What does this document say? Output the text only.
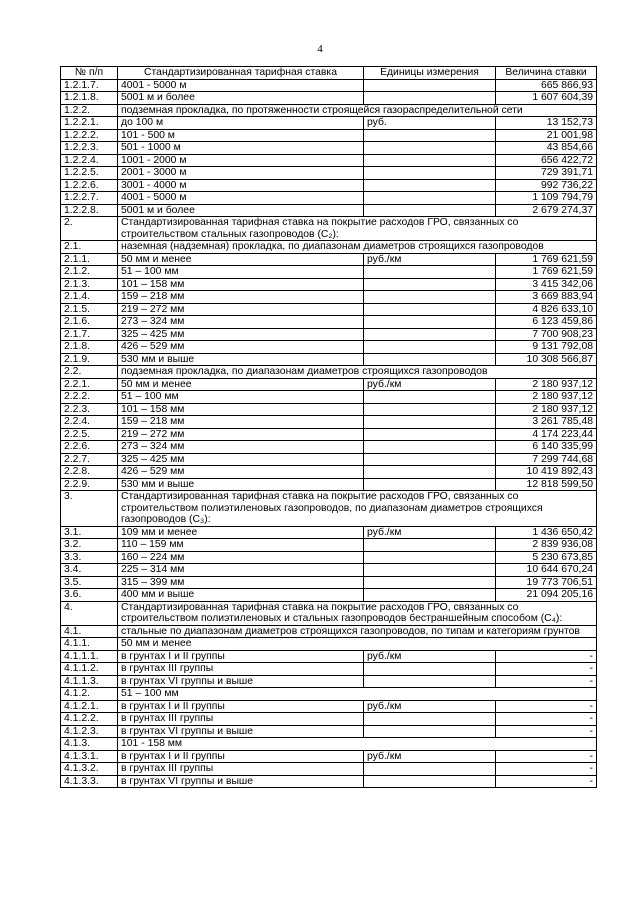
4
№ п/п	Стандартизированная тарифная ставка	Единицы измерения	Величина ставки
1.2.1.7.	4001 - 5000 м		665 866,93
1.2.1.8.	5001 м и более		1 607 604,39
1.2.2.	подземная прокладка, по протяженности строящейся газораспределительной сети		
1.2.2.1.	до 100 м	руб.	13 152,73
1.2.2.2.	101 - 500 м		21 001,98
1.2.2.3.	501 - 1000 м		43 854,66
1.2.2.4.	1001 - 2000 м		656 422,72
1.2.2.5.	2001 - 3000 м		729 391,71
1.2.2.6.	3001 - 4000 м		992 736,22
1.2.2.7.	4001 - 5000 м		1 109 794,79
1.2.2.8.	5001 м и более		2 679 274,37
2.	Стандартизированная тарифная ставка на покрытие расходов ГРО, связанных со строительством стальных газопроводов (С₂):		
2.1.	наземная (надземная) прокладка, по диапазонам диаметров строящихся газопроводов		
2.1.1.	50 мм и менее	руб./км	1 769 621,59
2.1.2.	51 – 100 мм		1 769 621,59
2.1.3.	101 – 158 мм		3 415 342,06
2.1.4.	159 – 218 мм		3 669 883,94
2.1.5.	219 – 272 мм		4 826 633,10
2.1.6.	273 – 324 мм		6 123 459,86
2.1.7.	325 – 425 мм		7 700 908,23
2.1.8.	426 – 529 мм		9 131 792,08
2.1.9.	530 мм и выше		10 308 566,87
2.2.	подземная прокладка, по диапазонам диаметров строящихся газопроводов		
2.2.1.	50 мм и менее	руб./км	2 180 937,12
2.2.2.	51 – 100 мм		2 180 937,12
2.2.3.	101 – 158 мм		2 180 937,12
2.2.4.	159 – 218 мм		3 261 785,48
2.2.5.	219 – 272 мм		4 174 223,44
2.2.6.	273 – 324 мм		6 140 335,99
2.2.7.	325 – 425 мм		7 299 744,68
2.2.8.	426 – 529 мм		10 419 892,43
2.2.9.	530 мм и выше		12 818 599,50
3.	Стандартизированная тарифная ставка на покрытие расходов ГРО, связанных со строительством полиэтиленовых газопроводов, по диапазонам диаметров строящихся газопроводов (С₃):		
3.1.	109 мм и менее	руб./км	1 436 650,42
3.2.	110 – 159 мм		2 839 936,08
3.3.	160 – 224 мм		5 230 673,85
3.4.	225 – 314 мм		10 644 670,24
3.5.	315 – 399 мм		19 773 706,51
3.6.	400 мм и выше		21 094 205,16
4.	Стандартизированная тарифная ставка на покрытие расходов ГРО, связанных со строительством полиэтиленовых и стальных газопроводов бестраншейным способом (С₄):		
4.1.	стальные по диапазонам диаметров строящихся газопроводов, по типам и категориям грунтов		
4.1.1.	50 мм и менее		
4.1.1.1.	в грунтах I и II группы	руб./км	-
4.1.1.2.	в грунтах III группы		-
4.1.1.3.	в грунтах VI группы и выше		-
4.1.2.	51 – 100 мм		
4.1.2.1.	в грунтах I и II группы	руб./км	-
4.1.2.2.	в грунтах III группы		-
4.1.2.3.	в грунтах VI группы и выше		-
4.1.3.	101 - 158 мм		
4.1.3.1.	в грунтах I и II группы	руб./км	-
4.1.3.2.	в грунтах III группы		-
4.1.3.3.	в грунтах VI группы и выше		-
